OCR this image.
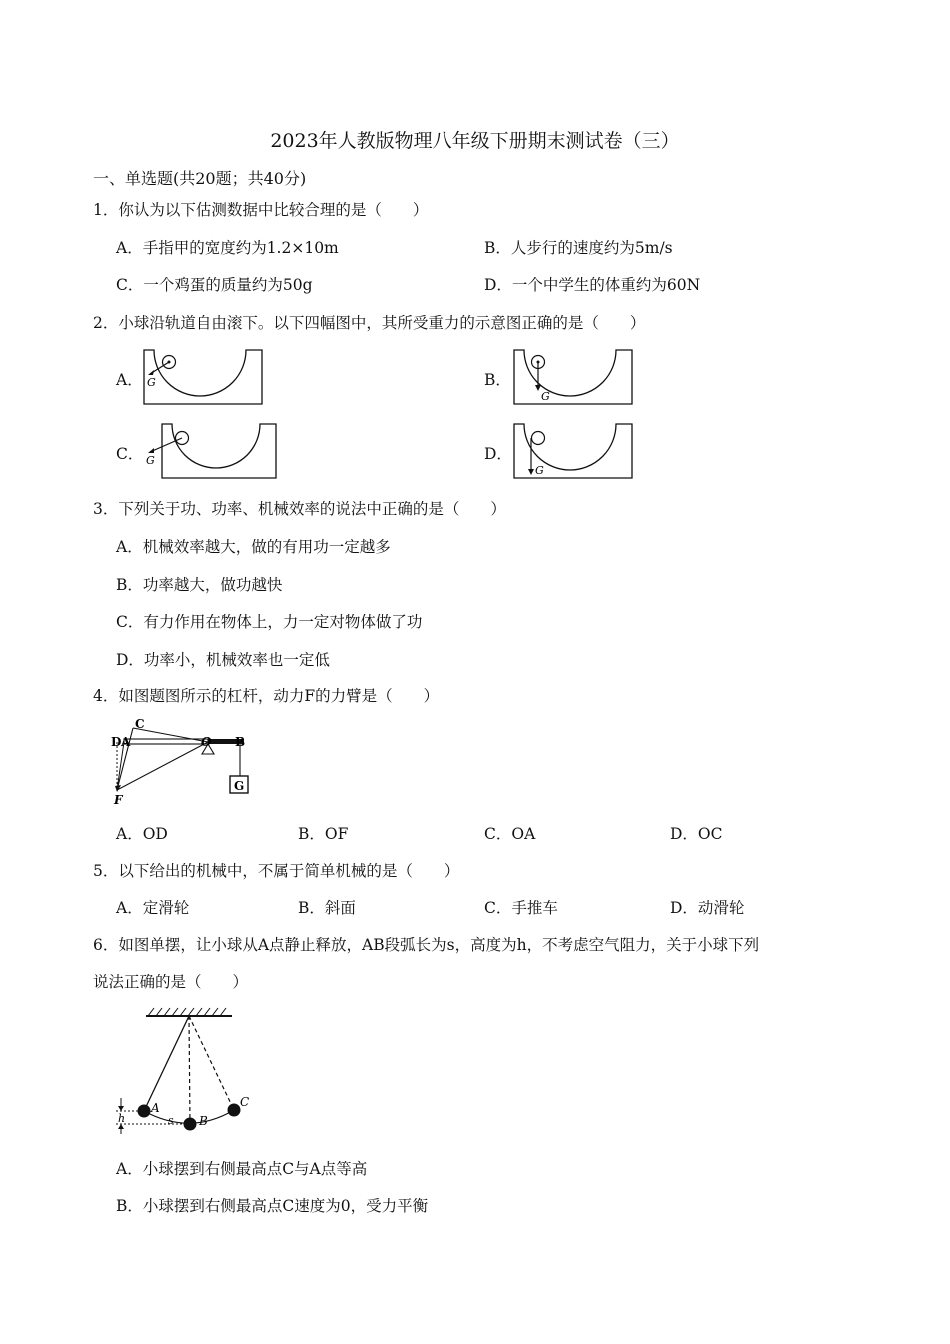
2023年人教版物理八年级下册期末测试卷（三）
一、单选题(共20题；共40分)
1．你认为以下估测数据中比较合理的是（　　）
A．手指甲的宽度约为1.2×10m	B．人步行的速度约为5m/s
C．一个鸡蛋的质量约为50g	D．一个中学生的体重约为60N
2．小球沿轨道自由滚下。以下四幅图中，其所受重力的示意图正确的是（　　）
A． G	B．
G
C． G	D．
G
3．下列关于功、功率、机械效率的说法中正确的是（　　）
A．机械效率越大，做的有用功一定越多
B．功率越大，做功越快
C．有力作用在物体上，力一定对物体做了功
D．功率小，机械效率也一定低
4．如图题图所示的杠杆，动力F的力臂是（　　）
G
C
D A	O B
F
A．OD	B．OF	C．OA	D．OC
5．以下给出的机械中，不属于简单机械的是（　　）
A．定滑轮	B．斜面	C．手推车	D．动滑轮
6．如图单摆，让小球从A点静止释放，AB段弧长为s，高度为h，不考虑空气阻力，关于小球下列
说法正确的是（　　）
h
A
s B
C
A．小球摆到右侧最高点C与A点等高
B．小球摆到右侧最高点C速度为0，受力平衡
